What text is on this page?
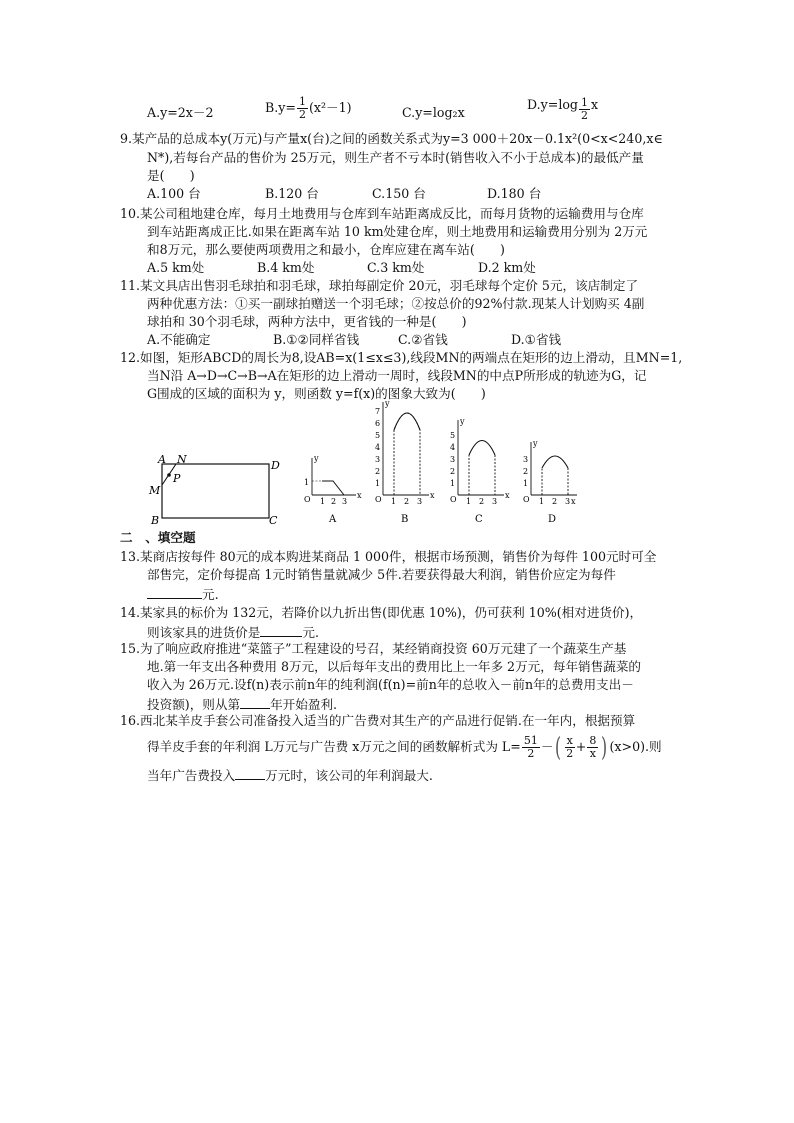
A.y=2x－2	$B.y= \frac{1}{2} (x^2-1)$	C.y=log₂x
$D.y=\log \frac{1}{2}$ x
9.某产品的总成本y(万元)与产量x(台)之间的函数关系式为y=3 000＋20x－0.1x²(0<x<240,x∈
N*),若每台产品的售价为 25万元，则生产者不亏本时(销售收入不小于总成本)的最低产量
是(　　)
A.100 台	B.120 台	C.150 台	D.180 台
10.某公司租地建仓库，每月土地费用与仓库到车站距离成反比，而每月货物的运输费用与仓库
到车站距离成正比.如果在距离车站 10 km处建仓库，则土地费用和运输费用分别为 2万元
和8万元，那么要使两项费用之和最小，仓库应建在离车站(　　)
A.5 km处	B.4 km处	C.3 km处	D.2 km处
11.某文具店出售羽毛球拍和羽毛球，球拍每副定价 20元，羽毛球每个定价 5元，该店制定了
两种优惠方法：①买一副球拍赠送一个羽毛球；②按总价的92%付款.现某人计划购买 4副
球拍和 30个羽毛球，两种方法中，更省钱的一种是(　　)
A.不能确定	B.①②同样省钱	C.②省钱	D.①省钱
12.如图，矩形ABCD的周长为8,设AB=x(1≤x≤3),线段MN的两端点在矩形的边上滑动，且MN=1,
当N沿 A→D→C→B→A在矩形的边上滑动一周时，线段MN的中点P所形成的轨迹为G，记
G围成的区域的面积为 y，则函数 y=f(x)的图象大致为(　　)
A N	D
P
M
B	C
y
x
O
1
1 2 3
A
y
x
O
1
2
3
4
5
6
7
1 2 3
B
y
x
O
1
2
3
4
5
1 2 3
C
y
x
O
1
2
3
1 2 3
D
二　、填空题
13.某商店按每件 80元的成本购进某商品 1 000件，根据市场预测，销售价为每件 100元时可全
部售完，定价每提高 1元时销售量就减少 5件.若要获得最大利润，销售价应定为每件
元.
14.某家具的标价为 132元，若降价以九折出售(即优惠 10%)，仍可获利 10%(相对进货价)，
则该家具的进货价是	元.
15.为了响应政府推进“菜篮子”工程建设的号召，某经销商投资 60万元建了一个蔬菜生产基
地.第一年支出各种费用 8万元，以后每年支出的费用比上一年多 2万元，每年销售蔬菜的
收入为 26万元.设f(n)表示前n年的纯利润(f(n)=前n年的总收入－前n年的总费用支出－
投资额)，则从第 年开始盈利.
16.西北某羊皮手套公司准备投入适当的广告费对其生产的产品进行促销.在一年内，根据预算
得羊皮手套的年利润 L万元与广告费 x万元之间的函数解析式为 $L= \frac{51}{2}$ －( $\frac{x}{2} + \frac{8}{x}$ ) (x>0).则
当年广告费投入 万元时，该公司的年利润最大.
